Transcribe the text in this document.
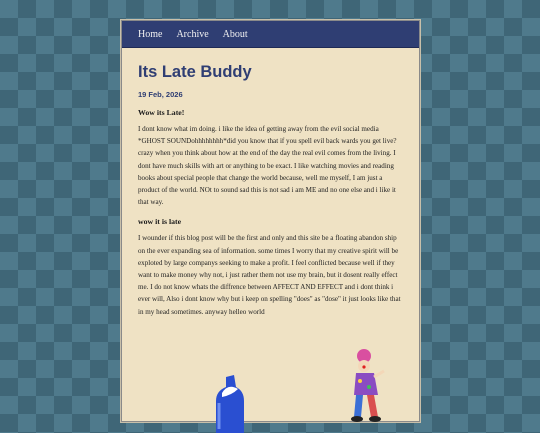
Home Archive About
Its Late Buddy
19 Feb, 2026
Wow its Late!
I dont know what im doing. i like the idea of getting away from the evil social media *GHOST SOUNDohhhhhhhh*did you know that if you spell evil back wards you get live? crazy when you think about how at the end of the day the real evil comes from the living. I dont have much skills with art or anything to be exact. I like watching movies and reading books about special people that change the world because, well me myself, I am just a product of the world. NOt to sound sad this is not sad i am ME and no one else and i like it that way.
wow it is late
I wounder if this blog post will be the first and only and this site be a floating abandon ship on the ever expanding sea of information. some times I worry that my creative spirit will be exploted by large companys seeking to make a profit. I feel conflicted because well if they want to make money why not, i just rather them not use my brain, but it dosent really effect me. I do not know whats the diffrence between AFFECT AND EFFECT and i dont think i ever will, Also i dont know why but i keep on spelling "does" as "dose" it just looks like that in my head sometimes. anyway helleo world
